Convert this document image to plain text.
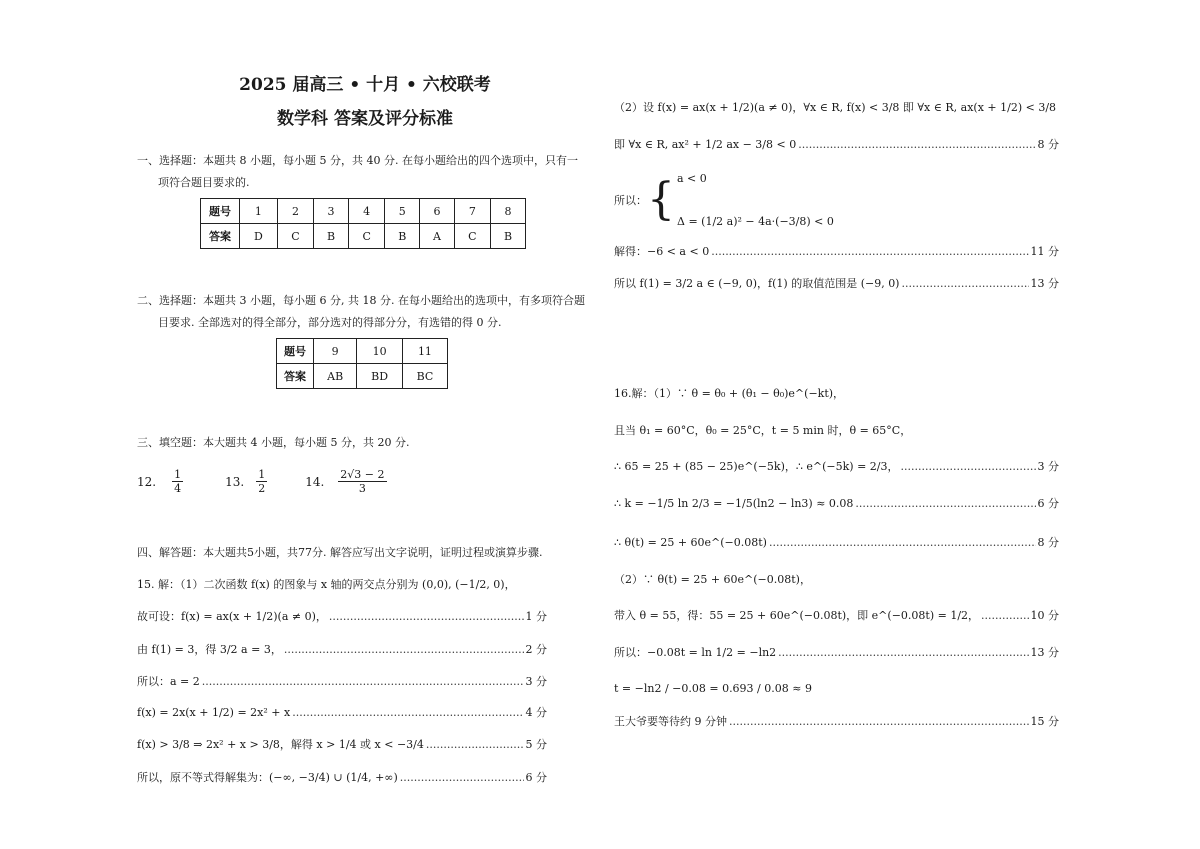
2025 届高三 • 十月 • 六校联考
数学科 答案及评分标准
一、选择题：本题共 8 小题，每小题 5 分，共 40 分. 在每小题给出的四个选项中，只有一
项符合题目要求的.
题号	1	2	3	4	5	6	7	8
答案	D	C	B	C	B	A	C	B
二、选择题：本题共 3 小题，每小题 6 分, 共 18 分. 在每小题给出的选项中，有多项符合题
目要求. 全部选对的得全部分，部分选对的得部分分，有选错的得 0 分.
题号	9	10	11
答案	AB	BD	BC
三、填空题：本大题共 4 小题，每小题 5 分，共 20 分.
12. $\frac{1}{4}$	13. $\frac{1}{2}$	14. $\frac{2√3 - 2}{3}$
四、解答题：本大题共5小题，共77分. 解答应写出文字说明，证明过程或演算步骤.
15. 解：（1）二次函数 f(x) 的图象与 x 轴的两交点分别为 (0,0), (−1/2, 0)，
故可设：f(x) = ax(x + 1/2)(a ≠ 0)， .....	1 分
由 f(1) = 3，得 3/2 a = 3， .....	2 分
所以：a = 2 .....	3 分
f(x) = 2x(x + 1/2) = 2x² + x .....	4 分
f(x) > 3/8 ⇒ 2x² + x > 3/8，解得 x > 1/4 或 x < −3/4 .....	5 分
所以，原不等式得解集为：(−∞, −3/4) ∪ (1/4, +∞) .....	6 分
（2）设 f(x) = ax(x + 1/2)(a ≠ 0)，∀x ∈ R, f(x) < 3/8 即 ∀x ∈ R, ax(x + 1/2) < 3/8
即 ∀x ∈ R, ax² + 1/2 ax − 3/8 < 0 .....	8 分
所以： { a < 0
Δ = (1/2 a)² − 4a·(−3/8) < 0
解得：−6 < a < 0 .....	11 分
所以 f(1) = 3/2 a ∈ (−9, 0)，f(1) 的取值范围是 (−9, 0) .....	13 分
16.解：（1）∵ θ = θ₀ + (θ₁ − θ₀)e^(−kt)，
且当 θ₁ = 60°C，θ₀ = 25°C，t = 5 min 时，θ = 65°C，
∴ 65 = 25 + (85 − 25)e^(−5k)，∴ e^(−5k) = 2/3， .....	3 分
∴ k = −1/5 ln 2/3 = −1/5(ln2 − ln3) ≈ 0.08 .....	6 分
∴ θ(t) = 25 + 60e^(−0.08t) .....	8 分
（2）∵ θ(t) = 25 + 60e^(−0.08t)，
带入 θ = 55，得：55 = 25 + 60e^(−0.08t)，即 e^(−0.08t) = 1/2， .....	10 分
所以：−0.08t = ln 1/2 = −ln2 .....	13 分
t = −ln2 / −0.08 = 0.693 / 0.08 ≈ 9
王大爷要等待约 9 分钟 .....	15 分
